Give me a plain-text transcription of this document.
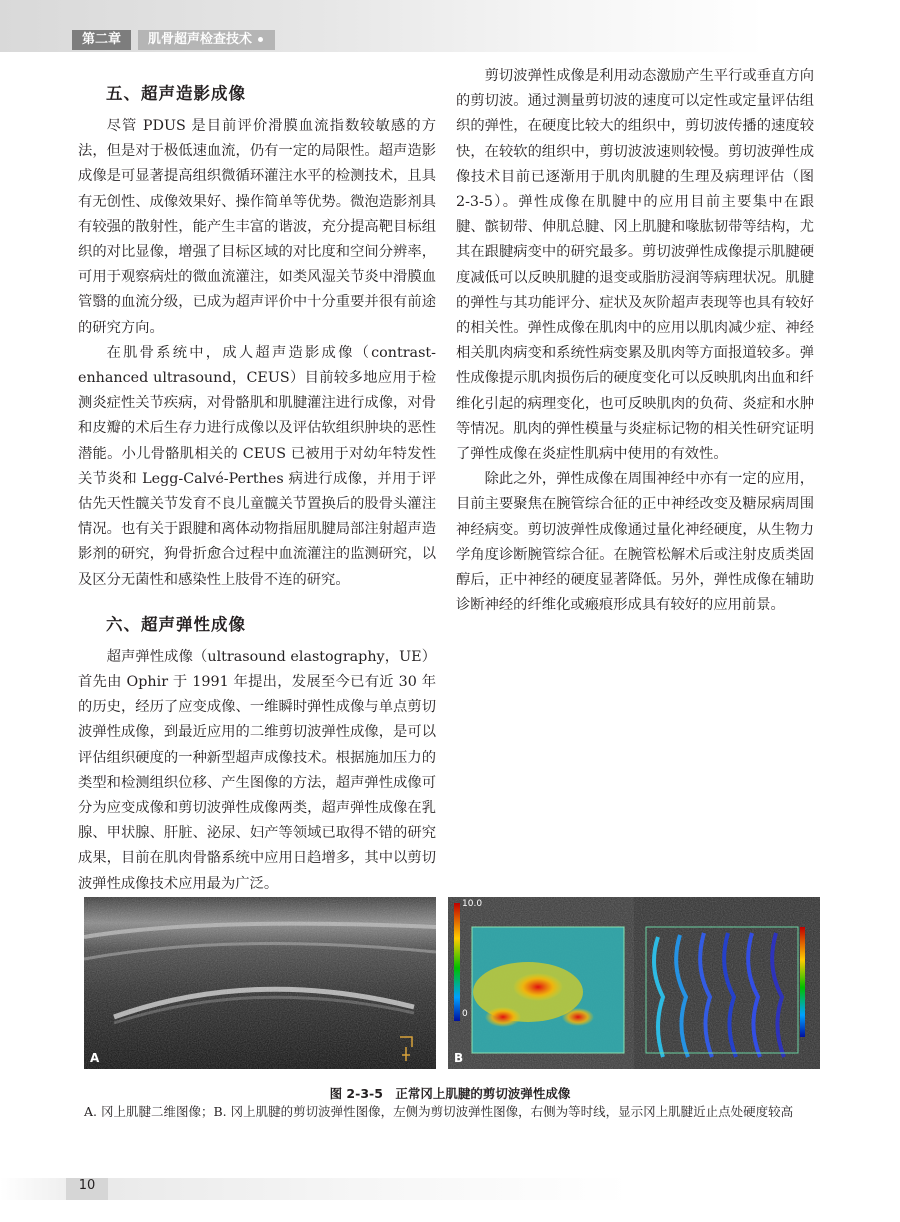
第二章	肌骨超声检查技术
五、超声造影成像

尽管 PDUS 是目前评价滑膜血流指数较敏感的方法，但是对于极低速血流，仍有一定的局限性。超声造影成像是可显著提高组织微循环灌注水平的检测技术，且具有无创性、成像效果好、操作简单等优势。微泡造影剂具有较强的散射性，能产生丰富的谐波，充分提高靶目标组织的对比显像，增强了目标区域的对比度和空间分辨率，可用于观察病灶的微血流灌注，如类风湿关节炎中滑膜血管翳的血流分级，已成为超声评价中十分重要并很有前途的研究方向。

在肌骨系统中，成人超声造影成像（contrast-enhanced ultrasound，CEUS）目前较多地应用于检测炎症性关节疾病，对骨骼肌和肌腱灌注进行成像，对骨和皮瓣的术后生存力进行成像以及评估软组织肿块的恶性潜能。小儿骨骼肌相关的 CEUS 已被用于对幼年特发性关节炎和 Legg-Calvé-Perthes 病进行成像，并用于评估先天性髋关节发育不良儿童髋关节置换后的股骨头灌注情况。也有关于跟腱和离体动物指屈肌腱局部注射超声造影剂的研究，狗骨折愈合过程中血流灌注的监测研究，以及区分无菌性和感染性上肢骨不连的研究。

六、超声弹性成像

超声弹性成像（ultrasound elastography，UE）首先由 Ophir 于 1991 年提出，发展至今已有近 30 年的历史，经历了应变成像、一维瞬时弹性成像与单点剪切波弹性成像，到最近应用的二维剪切波弹性成像，是可以评估组织硬度的一种新型超声成像技术。根据施加压力的类型和检测组织位移、产生图像的方法，超声弹性成像可分为应变成像和剪切波弹性成像两类，超声弹性成像在乳腺、甲状腺、肝脏、泌尿、妇产等领域已取得不错的研究成果，目前在肌肉骨骼系统中应用日趋增多，其中以剪切波弹性成像技术应用最为广泛。

剪切波弹性成像是利用动态激励产生平行或垂直方向的剪切波。通过测量剪切波的速度可以定性或定量评估组织的弹性，在硬度比较大的组织中，剪切波传播的速度较快，在较软的组织中，剪切波波速则较慢。剪切波弹性成像技术目前已逐渐用于肌肉肌腱的生理及病理评估（图 2-3-5）。弹性成像在肌腱中的应用目前主要集中在跟腱、髌韧带、伸肌总腱、冈上肌腱和喙肱韧带等结构，尤其在跟腱病变中的研究最多。剪切波弹性成像提示肌腱硬度减低可以反映肌腱的退变或脂肪浸润等病理状况。肌腱的弹性与其功能评分、症状及灰阶超声表现等也具有较好的相关性。弹性成像在肌肉中的应用以肌肉减少症、神经相关肌肉病变和系统性病变累及肌肉等方面报道较多。弹性成像提示肌肉损伤后的硬度变化可以反映肌肉出血和纤维化引起的病理变化，也可反映肌肉的负荷、炎症和水肿等情况。肌肉的弹性模量与炎症标记物的相关性研究证明了弹性成像在炎症性肌病中使用的有效性。

除此之外，弹性成像在周围神经中亦有一定的应用，目前主要聚焦在腕管综合征的正中神经改变及糖尿病周围神经病变。剪切波弹性成像通过量化神经硬度，从生物力学角度诊断腕管综合征。在腕管松解术后或注射皮质类固醇后，正中神经的硬度显著降低。另外，弹性成像在辅助诊断神经的纤维化或瘢痕形成具有较好的应用前景。

A
10.0
0
B
图 2-3-5　正常冈上肌腱的剪切波弹性成像
A. 冈上肌腱二维图像；B. 冈上肌腱的剪切波弹性图像，左侧为剪切波弹性图像，右侧为等时线，显示冈上肌腱近止点处硬度较高
10
